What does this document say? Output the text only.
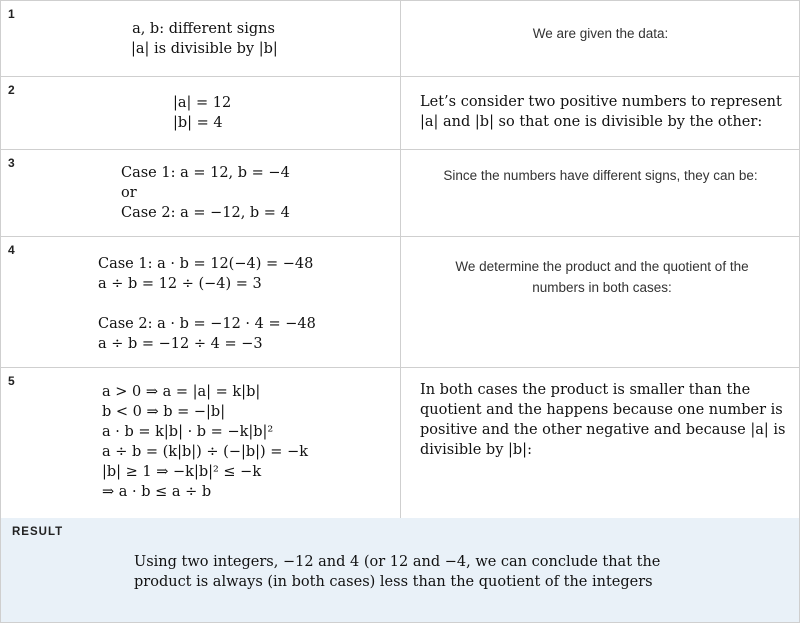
1
a, b: different signs
|a| is divisible by |b|
We are given the data:
2
|a| = 12
|b| = 4
Let’s consider two positive numbers to represent |a| and |b| so that one is divisible by the other:
3
Case 1: a = 12, b = −4
or
Case 2: a = −12, b = 4
Since the numbers have different signs, they can be:
4
Case 1: a · b = 12(−4) = −48
a ÷ b = 12 ÷ (−4) = 3
Case 2: a · b = −12 · 4 = −48
a ÷ b = −12 ÷ 4 = −3
We determine the product and the quotient of the numbers in both cases:
5
a > 0 ⇒ a = |a| = k|b|
b < 0 ⇒ b = −|b|
a · b = k|b| · b = −k|b|²
a ÷ b = (k|b|) ÷ (−|b|) = −k
|b| ≥ 1 ⇒ −k|b|² ≤ −k
⇒ a · b ≤ a ÷ b
In both cases the product is smaller than the quotient and the happens because one number is positive and the other negative and because |a| is divisible by |b|:
RESULT
Using two integers, −12 and 4 (or 12 and −4, we can conclude that the product is always (in both cases) less than the quotient of the integers
